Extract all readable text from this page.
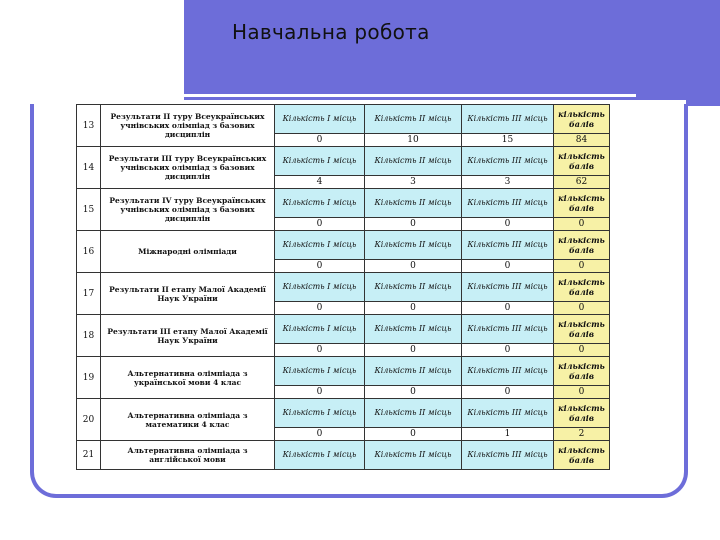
Навчальна робота
13	Результати II туру Всеукраїнських учнівських олімпіад з базових дисциплін	Кількість I місць	Кількість II місць	Кількість III місць	кількість балів
		0	10	15	84
14	Результати III туру Всеукраїнських учнівських олімпіад з базових дисциплін	Кількість I місць	Кількість II місць	Кількість III місць	кількість балів
		4	3	3	62
15	Результати IV туру Всеукраїнських учнівських олімпіад з базових дисциплін	Кількість I місць	Кількість II місць	Кількість III місць	кількість балів
		0	0	0	0
16	Міжнародні олімпіади	Кількість I місць	Кількість II місць	Кількість III місць	кількість балів
		0	0	0	0
17	Результати II етапу Малої Академії Наук України	Кількість I місць	Кількість II місць	Кількість III місць	кількість балів
		0	0	0	0
18	Результати III етапу Малої Академії Наук України	Кількість I місць	Кількість II місць	Кількість III місць	кількість балів
		0	0	0	0
19	Альтернативна олімпіада з української мови 4 клас	Кількість I місць	Кількість II місць	Кількість III місць	кількість балів
		0	0	0	0
20	Альтернативна олімпіада з математики 4 клас	Кількість I місць	Кількість II місць	Кількість III місць	кількість балів
		0	0	1	2
21	Альтернативна олімпіада з англійської мови	Кількість I місць	Кількість II місць	Кількість III місць	кількість балів
